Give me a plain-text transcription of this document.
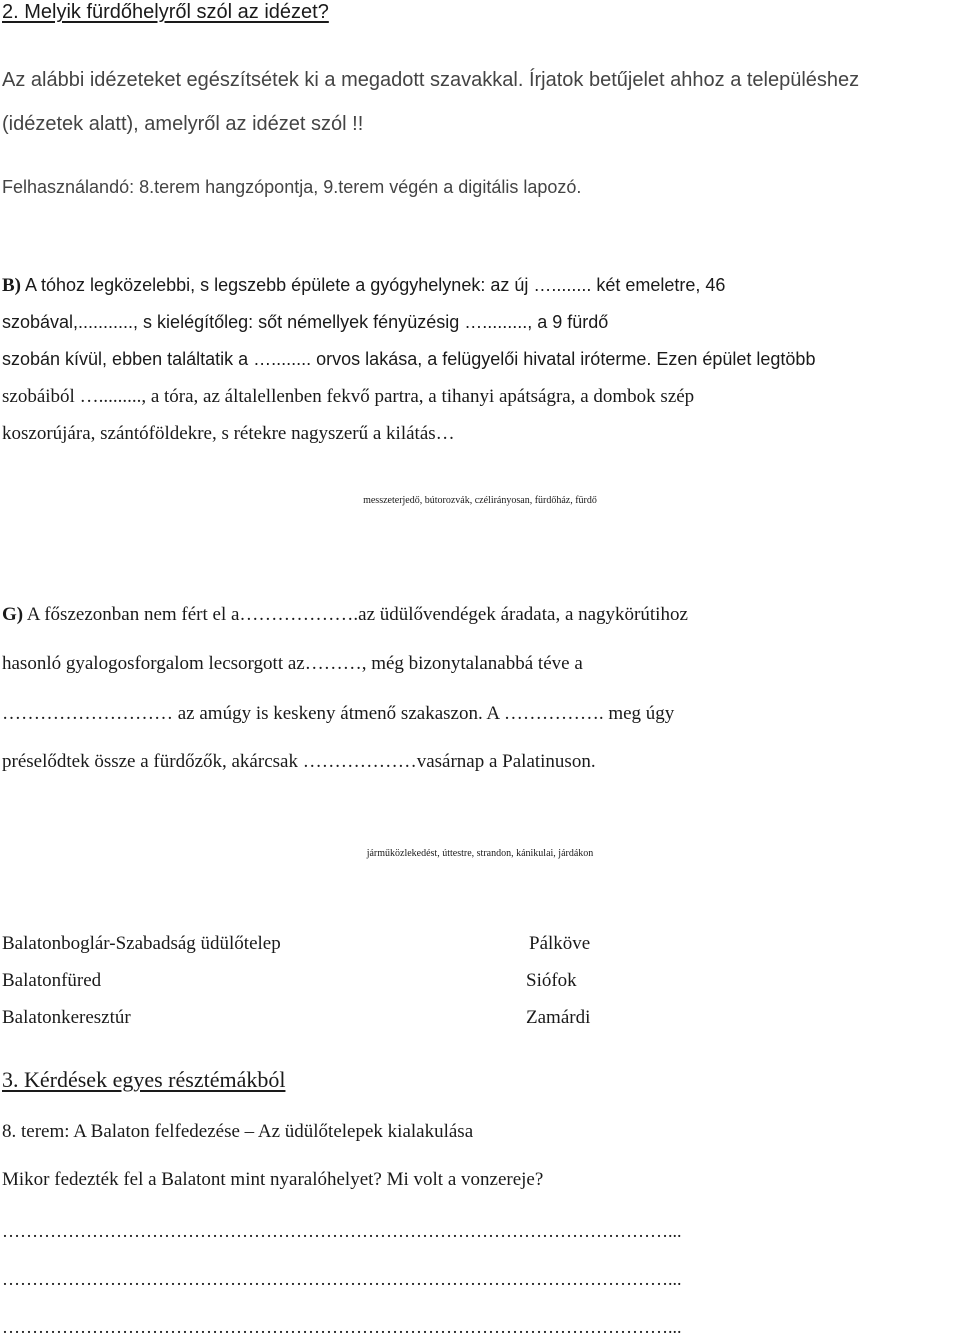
2. Melyik fürdőhelyről szól az idézet?
Az alábbi idézeteket egészítsétek ki a megadott szavakkal. Írjatok betűjelet ahhoz a településhez
(idézetek alatt), amelyről az idézet szól !!
Felhasználandó: 8.terem hangzópontja, 9.terem végén a digitális lapozó.
B) A tóhoz legközelebbi, s legszebb épülete a gyógyhelynek: az új …........ két emeletre, 46
szobával,..........., s kielégítőleg: sőt némellyek fényüzésig …........., a 9 fürdő
szobán kívül, ebben találtatik a …........ orvos lakása, a felügyelői hivatal iróterme. Ezen épület legtöbb
szobáiból …........., a tóra, az általellenben fekvő partra, a tihanyi apátságra, a dombok szép
koszorújára, szántóföldekre, s rétekre nagyszerű a kilátás…
messzeterjedő, bútorozvák, czélirányosan, fürdőház, fürdő
G) A főszezonban nem fért el a……………….az üdülővendégek áradata, a nagykörútihoz
hasonló gyalogosforgalom lecsorgott az………, még bizonytalanabbá téve a
……………………… az amúgy is keskeny átmenő szakaszon. A ……………. meg úgy
préselődtek össze a fürdőzők, akárcsak ………………vasárnap a Palatinuson.
járműközlekedést, úttestre, strandon, kánikulai, járdákon
Balatonboglár-Szabadság üdülőtelep
Balatonfüred
Balatonkeresztúr
Pálköve
Siófok
Zamárdi
3. Kérdések egyes résztémákból
8. terem: A Balaton felfedezése – Az üdülőtelepek kialakulása
Mikor fedezték fel a Balatont mint nyaralóhelyet? Mi volt a vonzereje?
…………………………………………………………………………………………………...
…………………………………………………………………………………………………...
…………………………………………………………………………………………………...
